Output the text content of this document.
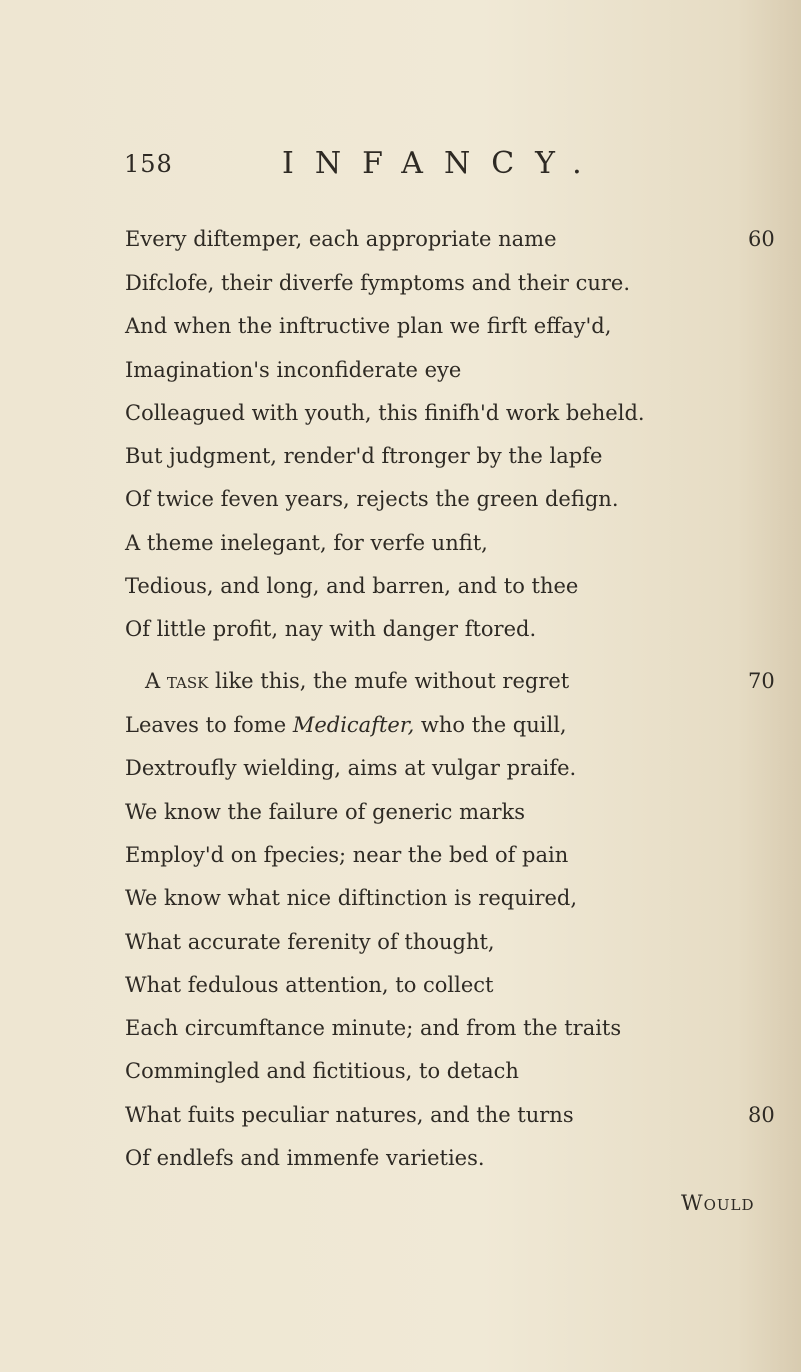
158	INFANCY.
Every diftemper, each appropriate name	60
Difclofe, their diverfe fymptoms and their cure.
And when the inftructive plan we firft effay'd,
Imagination's inconfiderate eye
Colleagued with youth, this finifh'd work beheld.
But judgment, render'd ftronger by the lapfe
Of twice feven years, rejects the green defign.
A theme inelegant, for verfe unfit,
Tedious, and long, and barren, and to thee
Of little profit, nay with danger ftored.
A task like this, the mufe without regret	70
Leaves to fome Medicafter, who the quill,
Dextroufly wielding, aims at vulgar praife.
We know the failure of generic marks
Employ'd on fpecies; near the bed of pain
We know what nice diftinction is required,
What accurate ferenity of thought,
What fedulous attention, to collect
Each circumftance minute; and from the traits
Commingled and fictitious, to detach
What fuits peculiar natures, and the turns	80
Of endlefs and immenfe varieties.
Would
